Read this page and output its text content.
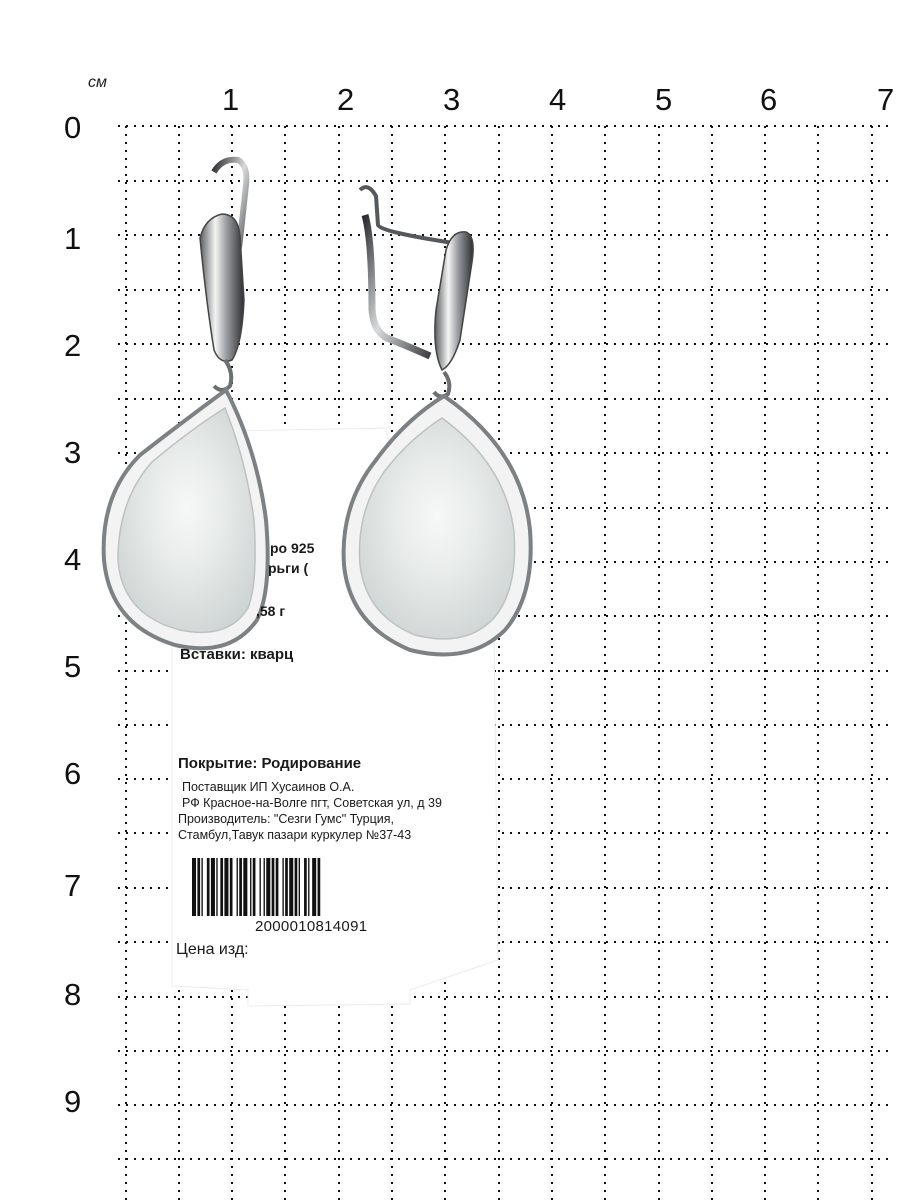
см	1	2	3	4	5	6	7
0
1
2
3
4
5
6
7
8
9
ро 925
рьги (
,58 г
Вставки: кварц
Покрытие: Родирование
Поставщик ИП Хусаинов О.А.
РФ Красное-на-Волге пгт, Советская ул, д 39
Производитель: "Сезги Гумс" Турция,
Стамбул,Тавук пазари куркулер №37-43
2000010814091
Цена изд:
